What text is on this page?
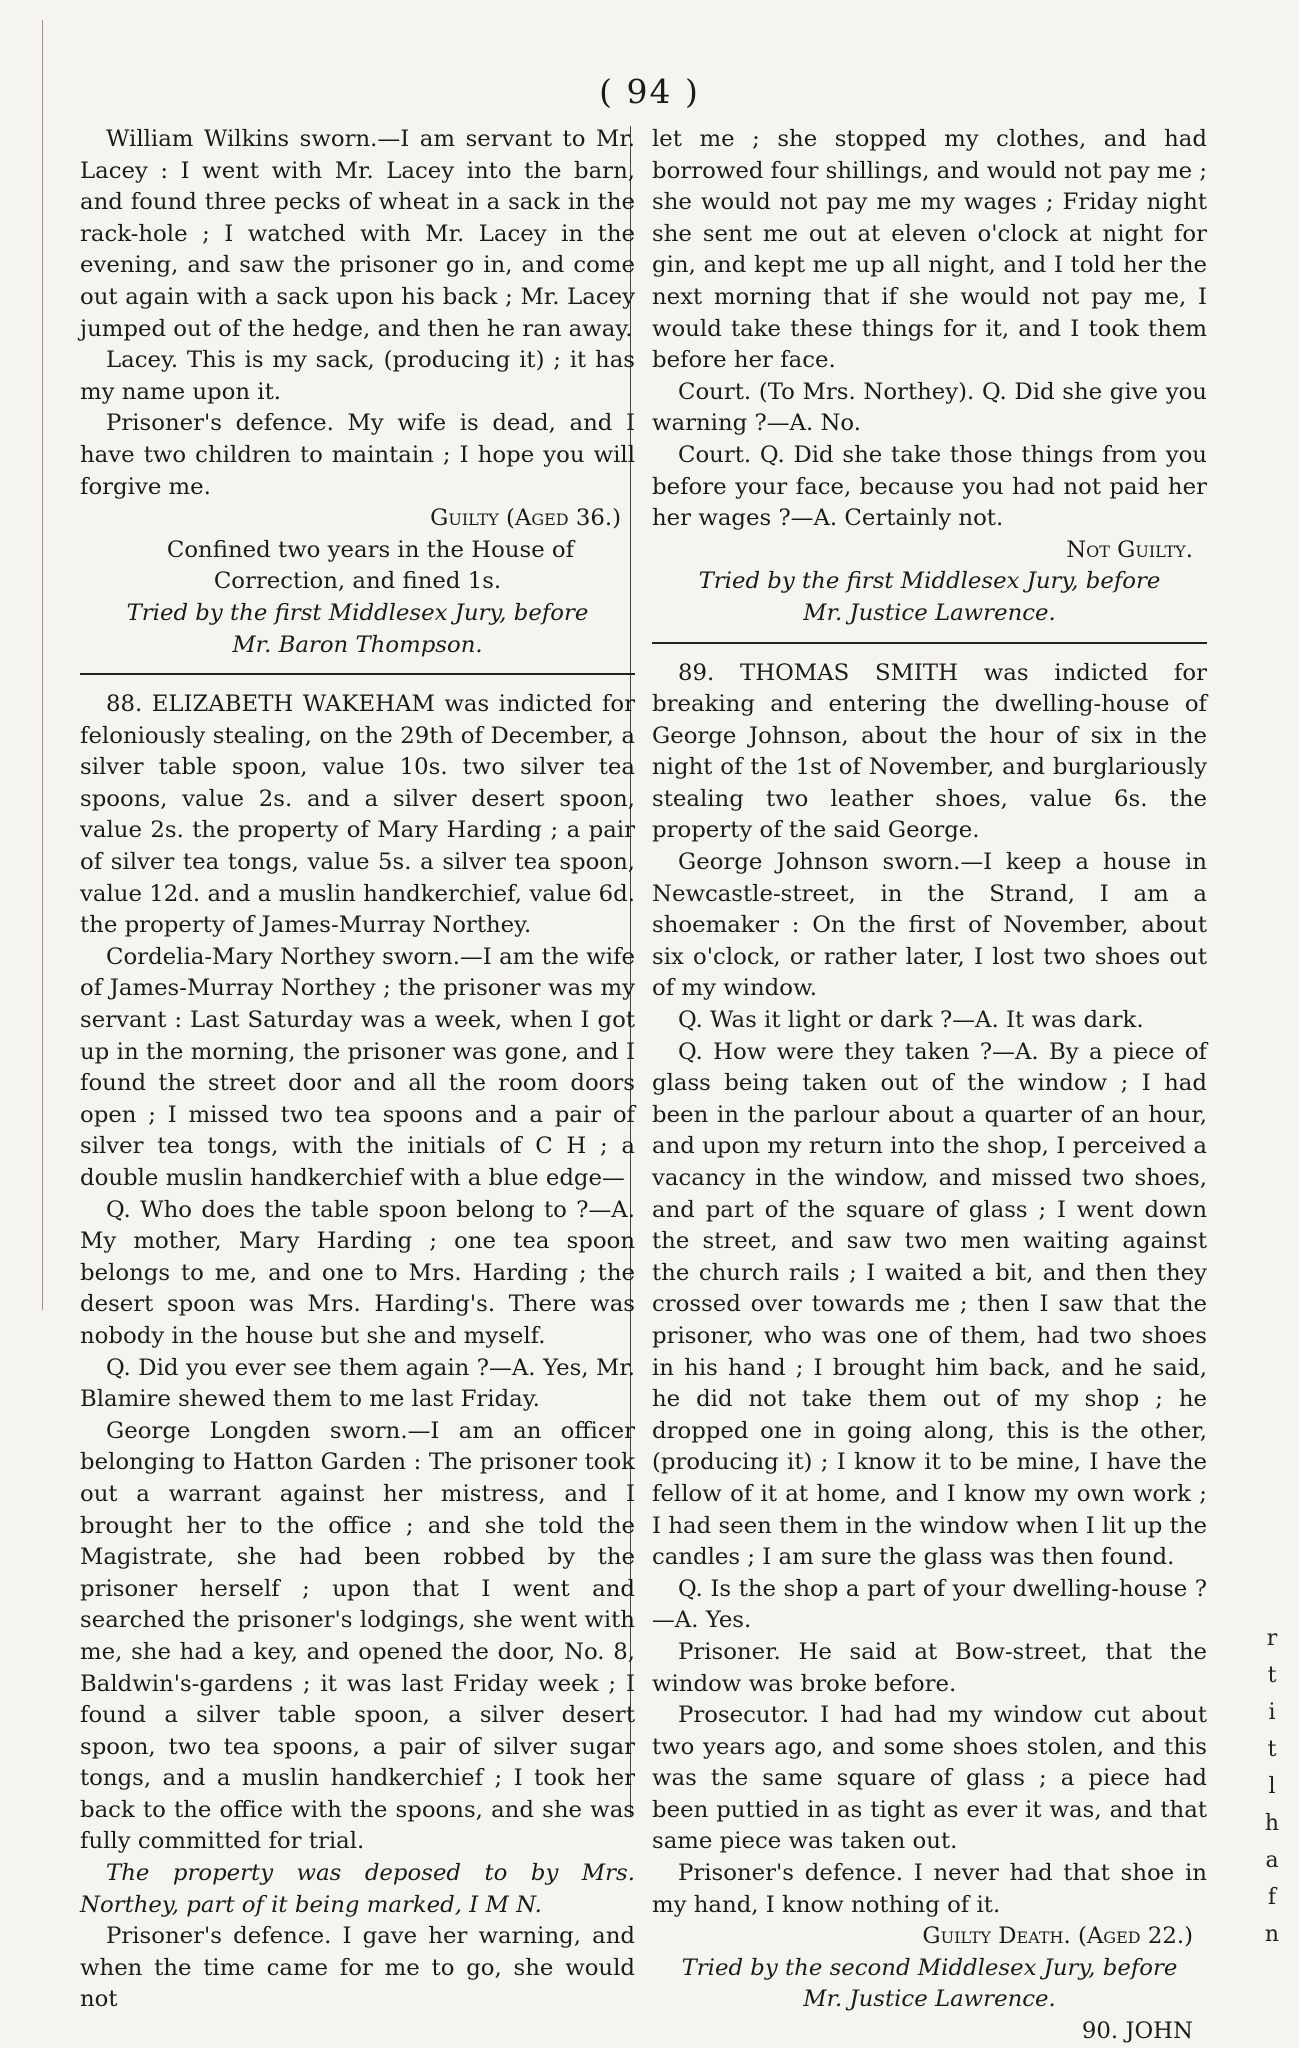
( 94 )

William Wilkins sworn.—I am servant to Mr. Lacey : I went with Mr. Lacey into the barn, and found three pecks of wheat in a sack in the rack-hole ; I watched with Mr. Lacey in the evening, and saw the prisoner go in, and come out again with a sack upon his back ; Mr. Lacey jumped out of the hedge, and then he ran away.

Lacey. This is my sack, (producing it) ; it has my name upon it.

Prisoner's defence. My wife is dead, and I have two children to maintain ; I hope you will forgive me.

Guilty (Aged 36.)

Confined two years in the House of Correction, and fined 1s.

Tried by the first Middlesex Jury, before

Mr. Baron Thompson.

88. ELIZABETH WAKEHAM was indicted for feloniously stealing, on the 29th of December, a silver table spoon, value 10s. two silver tea spoons, value 2s. and a silver desert spoon, value 2s. the property of Mary Harding ; a pair of silver tea tongs, value 5s. a silver tea spoon, value 12d. and a muslin handkerchief, value 6d. the property of James-Murray Northey.

Cordelia-Mary Northey sworn.—I am the wife of James-Murray Northey ; the prisoner was my servant : Last Saturday was a week, when I got up in the morning, the prisoner was gone, and I found the street door and all the room doors open ; I missed two tea spoons and a pair of silver tea tongs, with the initials of C H ; a double muslin handkerchief with a blue edge—

Q. Who does the table spoon belong to ?—A. My mother, Mary Harding ; one tea spoon belongs to me, and one to Mrs. Harding ; the desert spoon was Mrs. Harding's. There was nobody in the house but she and myself.

Q. Did you ever see them again ?—A. Yes, Mr. Blamire shewed them to me last Friday.

George Longden sworn.—I am an officer belonging to Hatton Garden : The prisoner took out a warrant against her mistress, and I brought her to the office ; and she told the Magistrate, she had been robbed by the prisoner herself ; upon that I went and searched the prisoner's lodgings, she went with me, she had a key, and opened the door, No. 8, Baldwin's-gardens ; it was last Friday week ; I found a silver table spoon, a silver desert spoon, two tea spoons, a pair of silver sugar tongs, and a muslin handkerchief ; I took her back to the office with the spoons, and she was fully committed for trial.

The property was deposed to by Mrs. Northey, part of it being marked, I M N.

Prisoner's defence. I gave her warning, and when the time came for me to go, she would not

let me ; she stopped my clothes, and had borrowed four shillings, and would not pay me ; she would not pay me my wages ; Friday night she sent me out at eleven o'clock at night for gin, and kept me up all night, and I told her the next morning that if she would not pay me, I would take these things for it, and I took them before her face.

Court. (To Mrs. Northey). Q. Did she give you warning ?—A. No.

Court. Q. Did she take those things from you before your face, because you had not paid her her wages ?—A. Certainly not.

Not Guilty.

Tried by the first Middlesex Jury, before

Mr. Justice Lawrence.

89. THOMAS SMITH was indicted for breaking and entering the dwelling-house of George Johnson, about the hour of six in the night of the 1st of November, and burglariously stealing two leather shoes, value 6s. the property of the said George.

George Johnson sworn.—I keep a house in Newcastle-street, in the Strand, I am a shoemaker : On the first of November, about six o'clock, or rather later, I lost two shoes out of my window.

Q. Was it light or dark ?—A. It was dark.

Q. How were they taken ?—A. By a piece of glass being taken out of the window ; I had been in the parlour about a quarter of an hour, and upon my return into the shop, I perceived a vacancy in the window, and missed two shoes, and part of the square of glass ; I went down the street, and saw two men waiting against the church rails ; I waited a bit, and then they crossed over towards me ; then I saw that the prisoner, who was one of them, had two shoes in his hand ; I brought him back, and he said, he did not take them out of my shop ; he dropped one in going along, this is the other, (producing it) ; I know it to be mine, I have the fellow of it at home, and I know my own work ; I had seen them in the window when I lit up the candles ; I am sure the glass was then found.

Q. Is the shop a part of your dwelling-house ?—A. Yes.

Prisoner. He said at Bow-street, that the window was broke before.

Prosecutor. I had had my window cut about two years ago, and some shoes stolen, and this was the same square of glass ; a piece had been puttied in as tight as ever it was, and that same piece was taken out.

Prisoner's defence. I never had that shoe in my hand, I know nothing of it.

Guilty Death. (Aged 22.)

Tried by the second Middlesex Jury, before

Mr. Justice Lawrence.

90. JOHN

r
t
i
t
l
h
a
f
n
